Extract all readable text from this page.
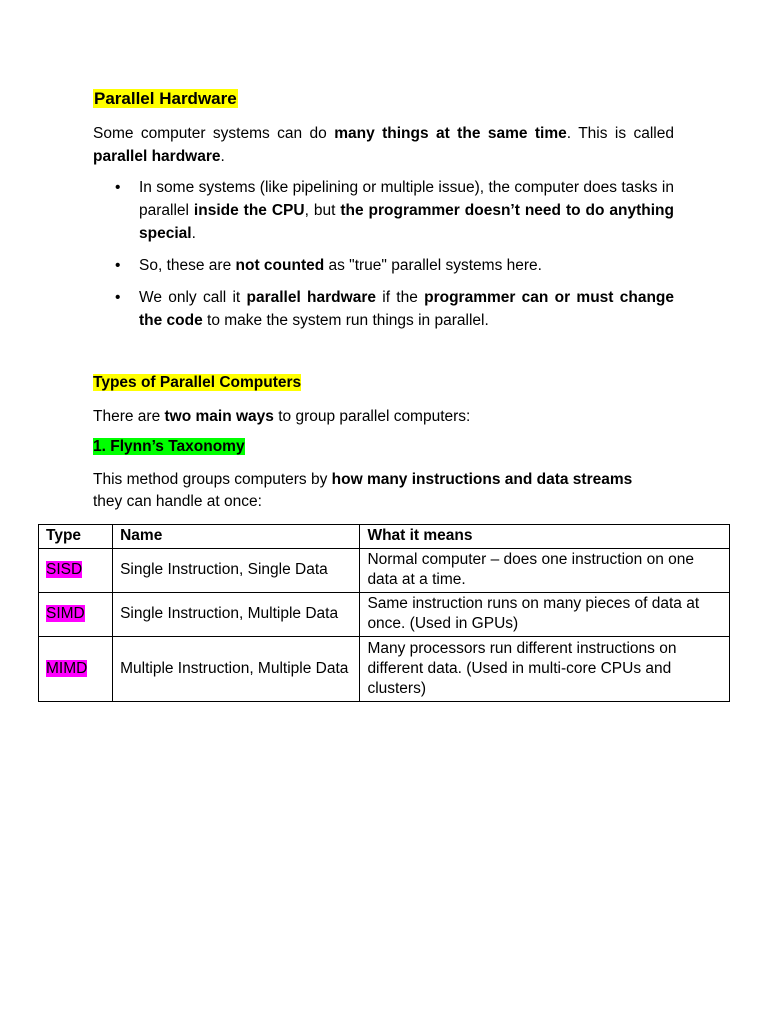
Parallel Hardware

Some computer systems can do many things at the same time. This is called parallel hardware.

• In some systems (like pipelining or multiple issue), the computer does tasks in parallel inside the CPU, but the programmer doesn’t need to do anything special.
• So, these are not counted as "true" parallel systems here.
• We only call it parallel hardware if the programmer can or must change the code to make the system run things in parallel.
Types of Parallel Computers

There are two main ways to group parallel computers:

1. Flynn’s Taxonomy

This method groups computers by how many instructions and data streams they can handle at once:

Type	Name	What it means
SISD	Single Instruction, Single Data	Normal computer – does one instruction on one data at a time.
SIMD	Single Instruction, Multiple Data	Same instruction runs on many pieces of data at once. (Used in GPUs)
MIMD	Multiple Instruction, Multiple Data	Many processors run different instructions on different data. (Used in multi-core CPUs and clusters)
